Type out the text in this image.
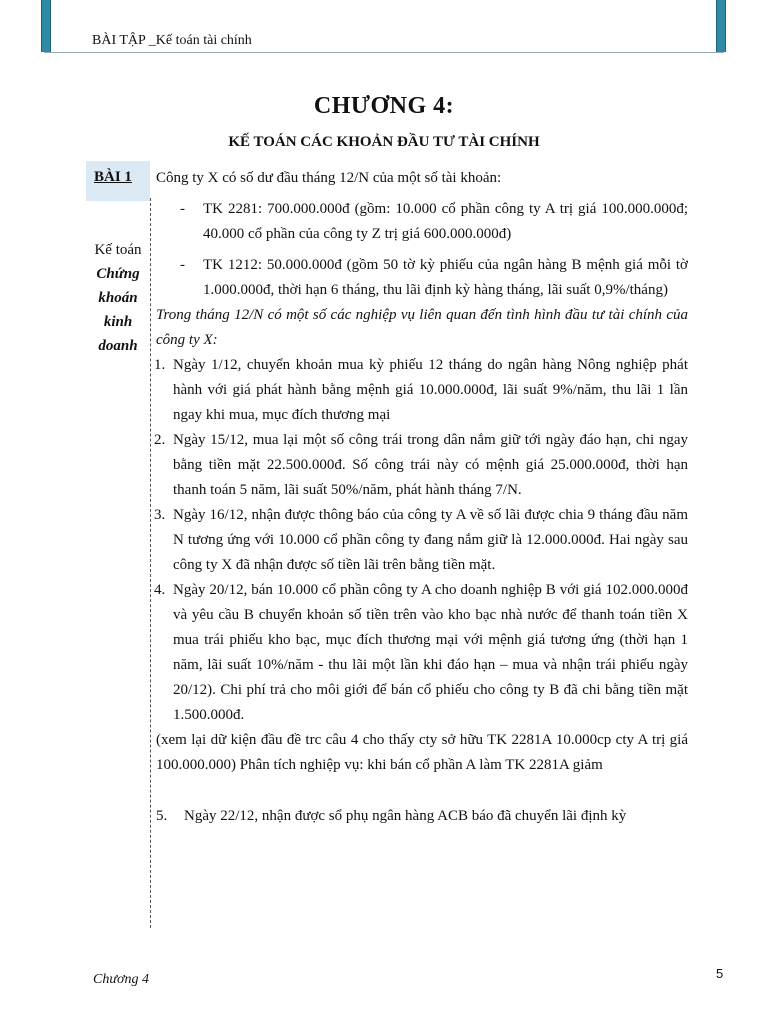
BÀI TẬP _Kế toán tài chính
CHƯƠNG 4:
KẾ TOÁN CÁC KHOẢN ĐẦU TƯ TÀI CHÍNH
BÀI 1
Kế toán
Chứng
khoán
kinh
doanh

Công ty X có số dư đầu tháng 12/N của một số tài khoản:

- TK 2281: 700.000.000đ (gồm: 10.000 cổ phần công ty A trị giá 100.000.000đ; 40.000 cổ phần của công ty Z trị giá 600.000.000đ)
- TK 1212: 50.000.000đ (gồm 50 tờ kỳ phiếu của ngân hàng B mệnh giá mỗi tờ 1.000.000đ, thời hạn 6 tháng, thu lãi định kỳ hàng tháng, lãi suất 0,9%/tháng)

Trong tháng 12/N có một số các nghiệp vụ liên quan đến tình hình đầu tư tài chính của công ty X:

1. Ngày 1/12, chuyển khoản mua kỳ phiếu 12 tháng do ngân hàng Nông nghiệp phát hành với giá phát hành bằng mệnh giá 10.000.000đ, lãi suất 9%/năm, thu lãi 1 lần ngay khi mua, mục đích thương mại
2. Ngày 15/12, mua lại một số công trái trong dân nắm giữ tới ngày đáo hạn, chi ngay bằng tiền mặt 22.500.000đ. Số công trái này có mệnh giá 25.000.000đ, thời hạn thanh toán 5 năm, lãi suất 50%/năm, phát hành tháng 7/N.
3. Ngày 16/12, nhận được thông báo của công ty A về số lãi được chia 9 tháng đầu năm N tương ứng với 10.000 cổ phần công ty đang nắm giữ là 12.000.000đ. Hai ngày sau công ty X đã nhận được số tiền lãi trên bằng tiền mặt.
4. Ngày 20/12, bán 10.000 cổ phần công ty A cho doanh nghiệp B với giá 102.000.000đ và yêu cầu B chuyển khoản số tiền trên vào kho bạc nhà nước để thanh toán tiền X mua trái phiếu kho bạc, mục đích thương mại với mệnh giá tương ứng (thời hạn 1 năm, lãi suất 10%/năm - thu lãi một lần khi đáo hạn – mua và nhận trái phiếu ngày 20/12). Chi phí trả cho môi giới để bán cổ phiếu cho công ty B đã chi bằng tiền mặt 1.500.000đ.

(xem lại dữ kiện đầu đề trc câu 4 cho thấy cty sở hữu TK 2281A 10.000cp cty A trị giá 100.000.000) Phân tích nghiệp vụ: khi bán cổ phần A làm TK 2281A giảm

5. Ngày 22/12, nhận được sổ phụ ngân hàng ACB báo đã chuyển lãi định kỳ
Chương 4	5
